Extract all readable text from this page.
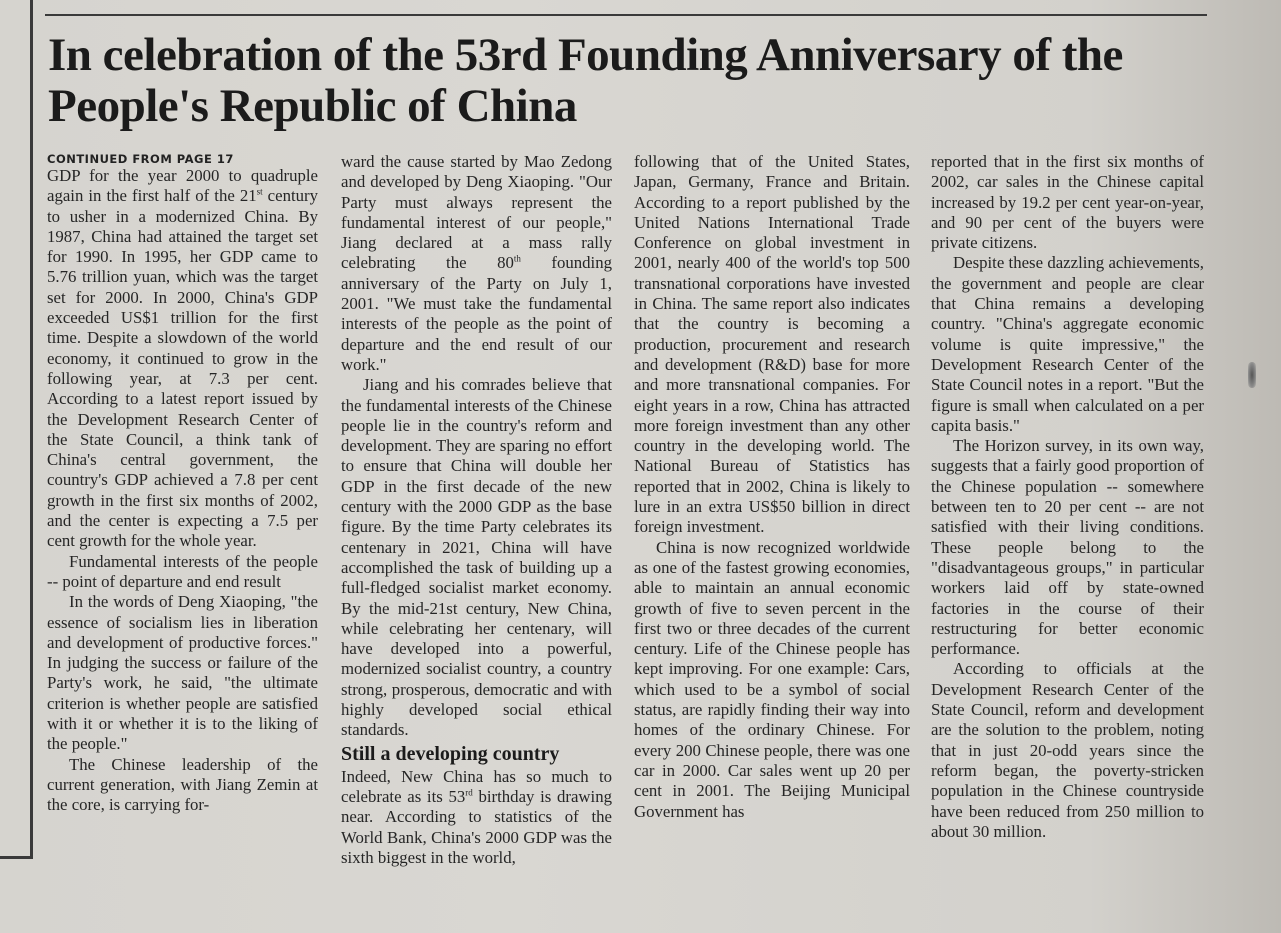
In celebration of the 53rd Founding Anniversary of the
People's Republic of China
CONTINUED FROM PAGE 17

GDP for the year 2000 to quadruple again in the first half of the 21st century to usher in a modernized China. By 1987, China had attained the target set for 1990. In 1995, her GDP came to 5.76 trillion yuan, which was the target set for 2000. In 2000, China's GDP exceeded US$1 trillion for the first time. Despite a slowdown of the world economy, it continued to grow in the following year, at 7.3 per cent. According to a latest report issued by the Development Research Center of the State Council, a think tank of China's central government, the country's GDP achieved a 7.8 per cent growth in the first six months of 2002, and the center is expecting a 7.5 per cent growth for the whole year.

Fundamental interests of the people -- point of departure and end result

In the words of Deng Xiaoping, "the essence of socialism lies in liberation and development of productive forces." In judging the success or failure of the Party's work, he said, "the ultimate criterion is whether people are satisfied with it or whether it is to the liking of the people."

The Chinese leadership of the current generation, with Jiang Zemin at the core, is carrying for-

ward the cause started by Mao Zedong and developed by Deng Xiaoping. "Our Party must always represent the fundamental interest of our people," Jiang declared at a mass rally celebrating the 80th founding anniversary of the Party on July 1, 2001. "We must take the fundamental interests of the people as the point of departure and the end result of our work."

Jiang and his comrades believe that the fundamental interests of the Chinese people lie in the country's reform and development. They are sparing no effort to ensure that China will double her GDP in the first decade of the new century with the 2000 GDP as the base figure. By the time Party celebrates its centenary in 2021, China will have accomplished the task of building up a full-fledged socialist market economy. By the mid-21st century, New China, while celebrating her centenary, will have developed into a powerful, modernized socialist country, a country strong, prosperous, democratic and with highly developed social ethical standards.

Still a developing country

Indeed, New China has so much to celebrate as its 53rd birthday is drawing near. According to statistics of the World Bank, China's 2000 GDP was the sixth biggest in the world,

following that of the United States, Japan, Germany, France and Britain. According to a report published by the United Nations International Trade Conference on global investment in 2001, nearly 400 of the world's top 500 transnational corporations have invested in China. The same report also indicates that the country is becoming a production, procurement and research and development (R&D) base for more and more transnational companies. For eight years in a row, China has attracted more foreign investment than any other country in the developing world. The National Bureau of Statistics has reported that in 2002, China is likely to lure in an extra US$50 billion in direct foreign investment.

China is now recognized worldwide as one of the fastest growing economies, able to maintain an annual economic growth of five to seven percent in the first two or three decades of the current century. Life of the Chinese people has kept improving. For one example: Cars, which used to be a symbol of social status, are rapidly finding their way into homes of the ordinary Chinese. For every 200 Chinese people, there was one car in 2000. Car sales went up 20 per cent in 2001. The Beijing Municipal Government has

reported that in the first six months of 2002, car sales in the Chinese capital increased by 19.2 per cent year-on-year, and 90 per cent of the buyers were private citizens.

Despite these dazzling achievements, the government and people are clear that China remains a developing country. "China's aggregate economic volume is quite impressive," the Development Research Center of the State Council notes in a report. "But the figure is small when calculated on a per capita basis."

The Horizon survey, in its own way, suggests that a fairly good proportion of the Chinese population -- somewhere between ten to 20 per cent -- are not satisfied with their living conditions. These people belong to the "disadvantageous groups," in particular workers laid off by state-owned factories in the course of their restructuring for better economic performance.

According to officials at the Development Research Center of the State Council, reform and development are the solution to the problem, noting that in just 20-odd years since the reform began, the poverty-stricken population in the Chinese countryside have been reduced from 250 million to about 30 million.
